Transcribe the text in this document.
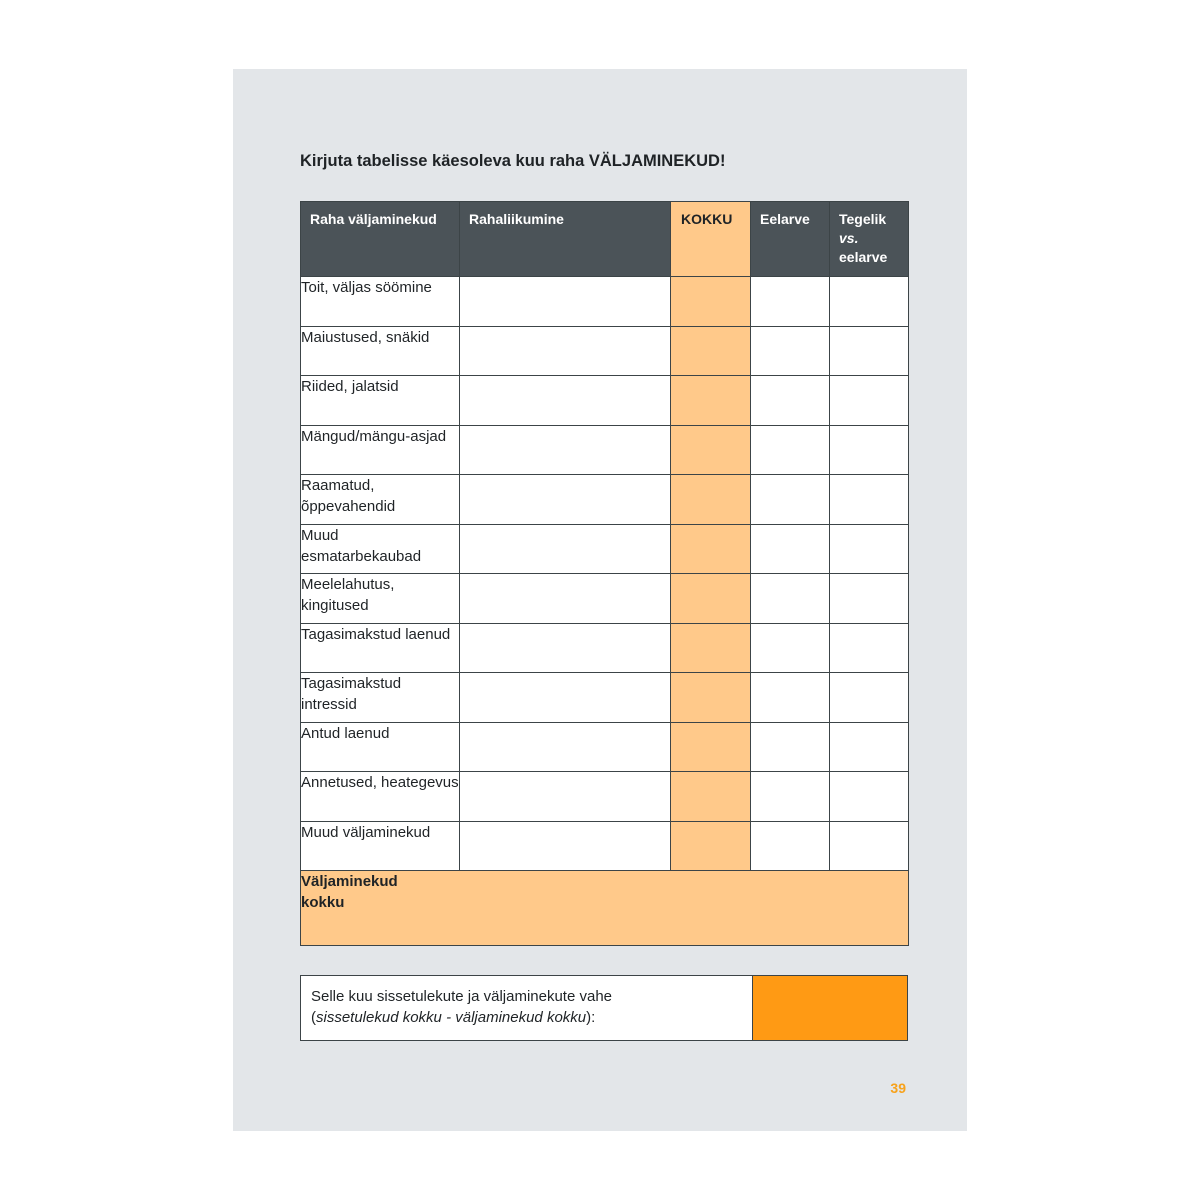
Kirjuta tabelisse käesoleva kuu raha VÄLJAMINEKUD!
Raha väljaminekud	Rahaliikumine	KOKKU	Eelarve	Tegelik
vs.
eelarve
Toit, väljas söömine				
Maiustused, snäkid				
Riided, jalatsid				
Mängud/mängu-asjad				
Raamatud, õppevahendid				
Muud esmatarbekaubad				
Meelelahutus, kingitused				
Tagasimakstud laenud				
Tagasimakstud intressid				
Antud laenud				
Annetused, heategevus				
Muud väljaminekud				

Väljaminekud kokku				
Selle kuu sissetulekute ja väljaminekute vahe
(sissetulekud kokku - väljaminekud kokku):
39
